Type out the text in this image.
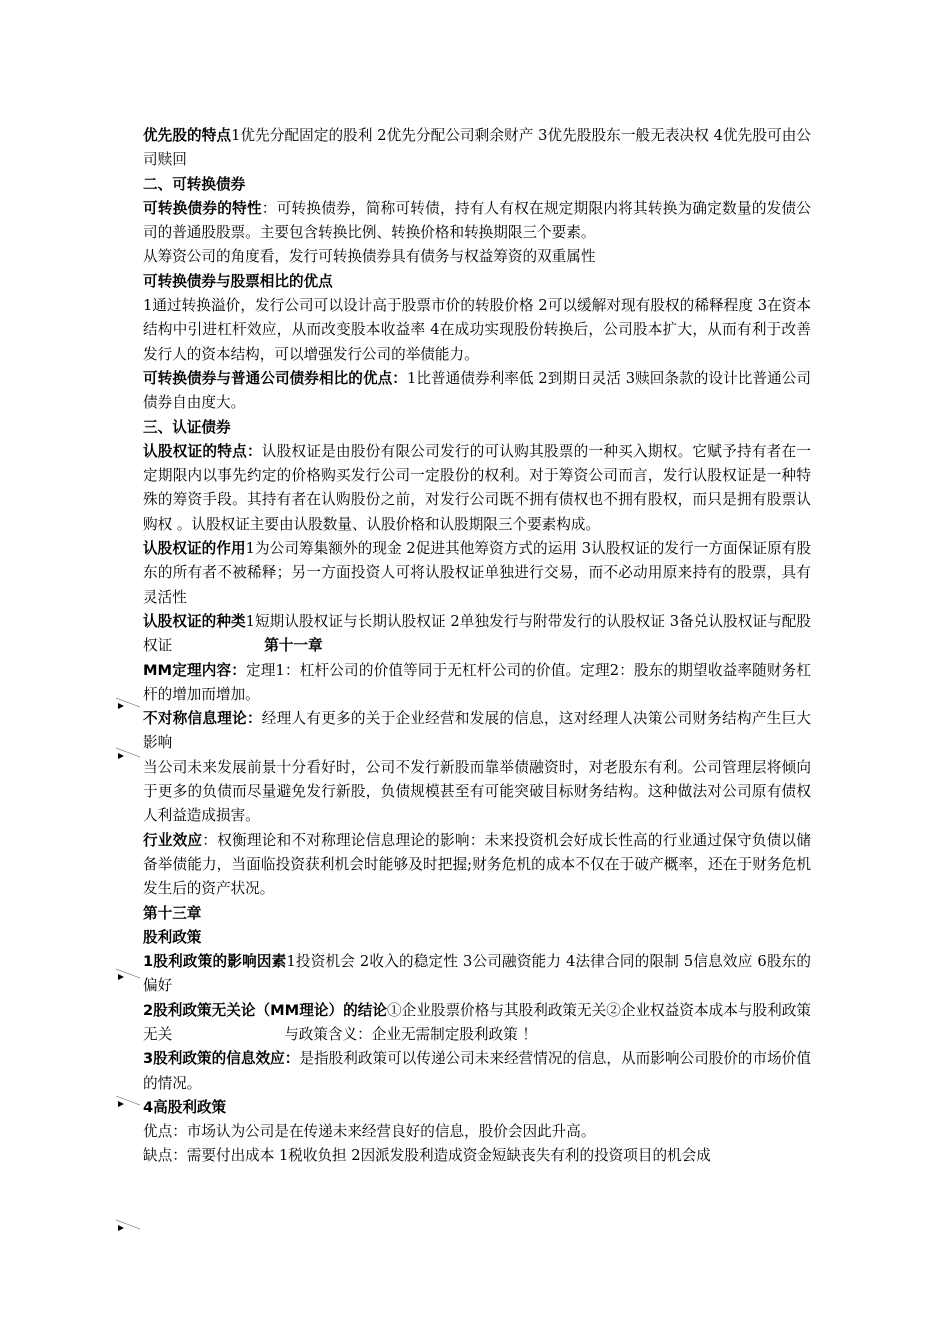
优先股的特点1优先分配固定的股利 2优先分配公司剩余财产 3优先股股东一般无表决权 4优先股可由公司赎回

二、可转换债券

可转换债券的特性：可转换债券，简称可转债，持有人有权在规定期限内将其转换为确定数量的发债公司的普通股股票。主要包含转换比例、转换价格和转换期限三个要素。

从筹资公司的角度看，发行可转换债券具有债务与权益筹资的双重属性

可转换债券与股票相比的优点

1通过转换溢价，发行公司可以设计高于股票市价的转股价格 2可以缓解对现有股权的稀释程度 3在资本结构中引进杠杆效应，从而改变股本收益率 4在成功实现股份转换后，公司股本扩大，从而有利于改善发行人的资本结构，可以增强发行公司的举债能力。

可转换债券与普通公司债券相比的优点：1比普通债券利率低 2到期日灵活 3赎回条款的设计比普通公司债券自由度大。

三、认证债券

认股权证的特点：认股权证是由股份有限公司发行的可认购其股票的一种买入期权。它赋予持有者在一定期限内以事先约定的价格购买发行公司一定股份的权利。对于筹资公司而言，发行认股权证是一种特殊的筹资手段。其持有者在认购股份之前，对发行公司既不拥有债权也不拥有股权，而只是拥有股票认购权 。认股权证主要由认股数量、认股价格和认股期限三个要素构成。

认股权证的作用1为公司筹集额外的现金 2促进其他筹资方式的运用 3认股权证的发行一方面保证原有股东的所有者不被稀释；另一方面投资人可将认股权证单独进行交易，而不必动用原来持有的股票，具有灵活性

认股权证的种类1短期认股权证与长期认股权证 2单独发行与附带发行的认股权证 3备兑认股权证与配股权证	第十一章

MM定理内容：定理1：杠杆公司的价值等同于无杠杆公司的价值。定理2：股东的期望收益率随财务杠杆的增加而增加。

不对称信息理论：经理人有更多的关于企业经营和发展的信息，这对经理人决策公司财务结构产生巨大影响

当公司未来发展前景十分看好时，公司不发行新股而靠举债融资时，对老股东有利。公司管理层将倾向于更多的负债而尽量避免发行新股，负债规模甚至有可能突破目标财务结构。这种做法对公司原有债权人利益造成损害。

行业效应：权衡理论和不对称理论信息理论的影响：未来投资机会好成长性高的行业通过保守负债以储备举债能力，当面临投资获利机会时能够及时把握;财务危机的成本不仅在于破产概率，还在于财务危机发生后的资产状况。

第十三章

股利政策

1股利政策的影响因素1投资机会 2收入的稳定性 3公司融资能力 4法律合同的限制 5信息效应 6股东的偏好

2股利政策无关论（MM理论）的结论①企业股票价格与其股利政策无关②企业权益资本成本与股利政策无关	与政策含义：企业无需制定股利政策 ！

3股利政策的信息效应：是指股利政策可以传递公司未来经营情况的信息，从而影响公司股价的市场价值的情况。

4高股利政策

优点：市场认为公司是在传递未来经营良好的信息，股价会因此升高。

缺点：需要付出成本 1税收负担 2因派发股利造成资金短缺丧失有利的投资项目的机会成
